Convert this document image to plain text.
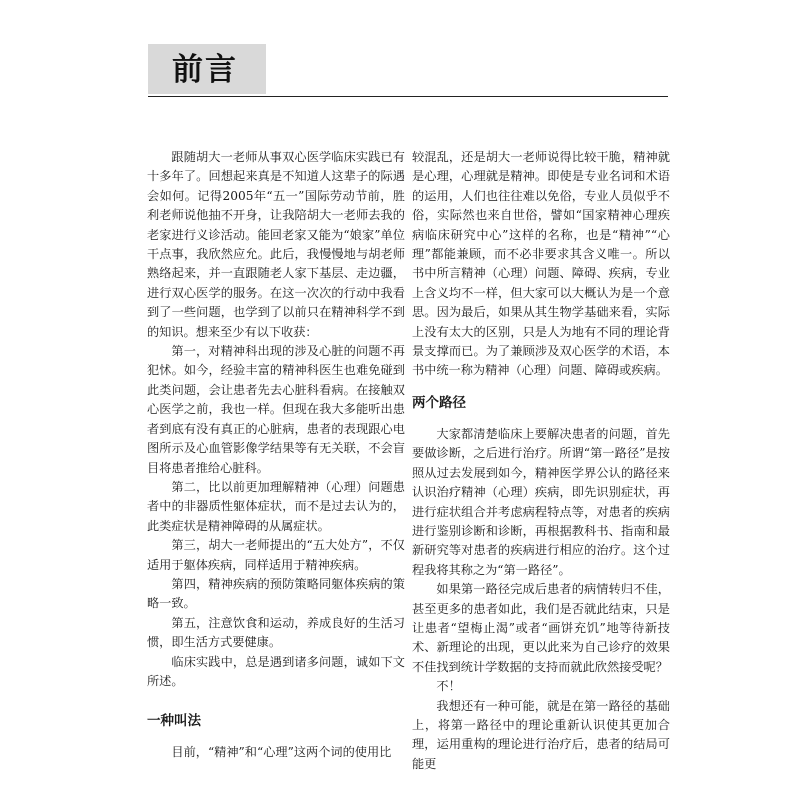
前言

跟随胡大一老师从事双心医学临床实践已有十多年了。回想起来真是不知道人这辈子的际遇会如何。记得2005年“五一”国际劳动节前，胜利老师说他抽不开身，让我陪胡大一老师去我的老家进行义诊活动。能回老家又能为“娘家”单位干点事，我欣然应允。此后，我慢慢地与胡老师熟络起来，并一直跟随老人家下基层、走边疆，进行双心医学的服务。在这一次次的行动中我看到了一些问题，也学到了以前只在精神科学不到的知识。想来至少有以下收获：

第一，对精神科出现的涉及心脏的问题不再犯怵。如今，经验丰富的精神科医生也难免碰到此类问题，会让患者先去心脏科看病。在接触双心医学之前，我也一样。但现在我大多能听出患者到底有没有真正的心脏病，患者的表现跟心电图所示及心血管影像学结果等有无关联，不会盲目将患者推给心脏科。

第二，比以前更加理解精神（心理）问题患者中的非器质性躯体症状，而不是过去认为的，此类症状是精神障碍的从属症状。

第三，胡大一老师提出的“五大处方”，不仅适用于躯体疾病，同样适用于精神疾病。

第四，精神疾病的预防策略同躯体疾病的策略一致。

第五，注意饮食和运动，养成良好的生活习惯，即生活方式要健康。

临床实践中，总是遇到诸多问题，诚如下文所述。

一种叫法

目前，“精神”和“心理”这两个词的使用比

较混乱，还是胡大一老师说得比较干脆，精神就是心理，心理就是精神。即使是专业名词和术语的运用，人们也往往难以免俗，专业人员似乎不俗，实际然也来自世俗，譬如“国家精神心理疾病临床研究中心”这样的名称，也是“精神”“心理”都能兼顾，而不必非要求其含义唯一。所以书中所言精神（心理）问题、障碍、疾病，专业上含义均不一样，但大家可以大概认为是一个意思。因为最后，如果从其生物学基础来看，实际上没有太大的区别，只是人为地有不同的理论背景支撑而已。为了兼顾涉及双心医学的术语，本书中统一称为精神（心理）问题、障碍或疾病。

两个路径

大家都清楚临床上要解决患者的问题，首先要做诊断，之后进行治疗。所谓“第一路径”是按照从过去发展到如今，精神医学界公认的路径来认识治疗精神（心理）疾病，即先识别症状，再进行症状组合并考虑病程特点等，对患者的疾病进行鉴别诊断和诊断，再根据教科书、指南和最新研究等对患者的疾病进行相应的治疗。这个过程我将其称之为“第一路径”。

如果第一路径完成后患者的病情转归不佳，甚至更多的患者如此，我们是否就此结束，只是让患者“望梅止渴”或者“画饼充饥”地等待新技术、新理论的出现，更以此来为自己诊疗的效果不佳找到统计学数据的支持而就此欣然接受呢？

不！

我想还有一种可能，就是在第一路径的基础上，将第一路径中的理论重新认识使其更加合理，运用重构的理论进行治疗后，患者的结局可能更
